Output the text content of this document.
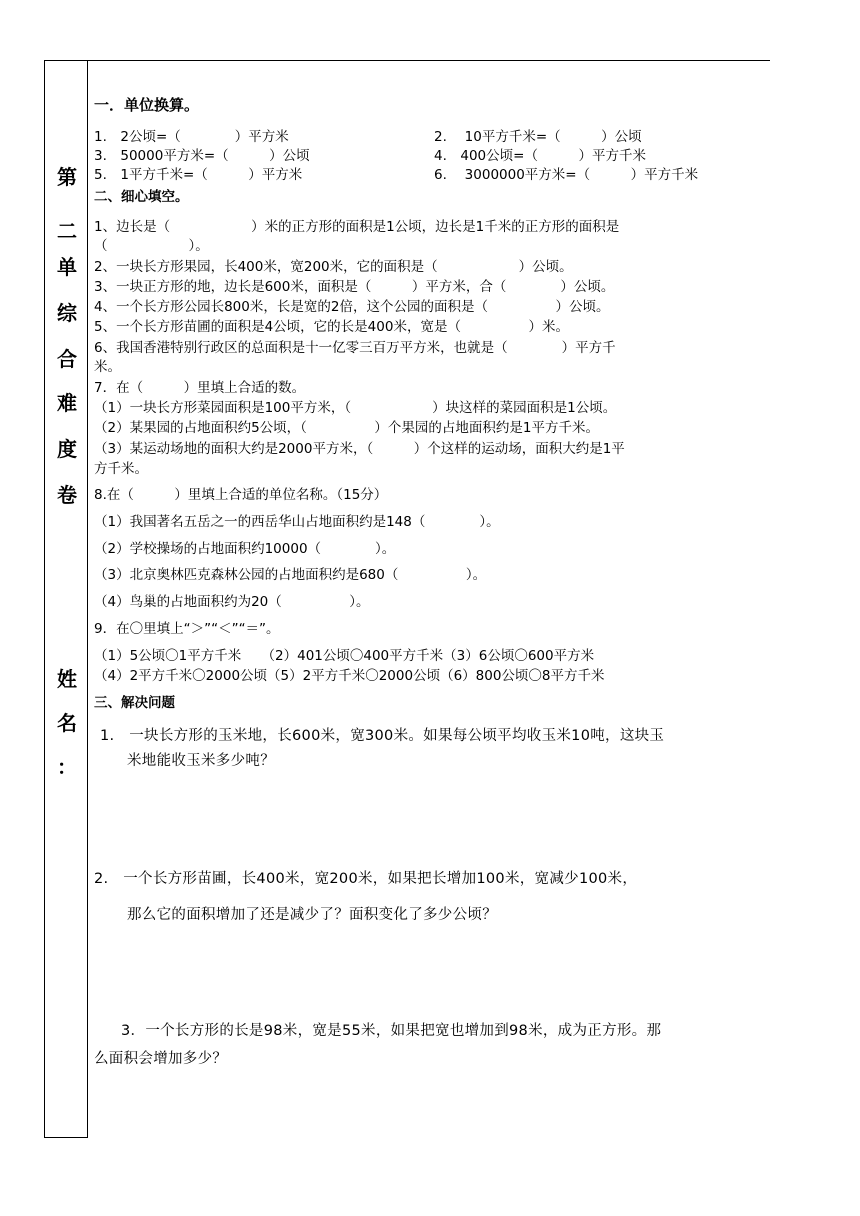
第
二
单
综
合
难
度
卷
姓
名
：
一．单位换算。
1.　2公顷=（　　　　）平方米	2.　 10平方千米=（　　　）公顷
3.　50000平方米=（　　　）公顷	4.　400公顷=（　　　）平方千米
5.　1平方千米=（　　　）平方米	6.　 3000000平方米=（　　　）平方千米
二、细心填空。
1、边长是（　　　　　　）米的正方形的面积是1公顷，边长是1千米的正方形的面积是
（　　　　　　）。
2、一块长方形果园，长400米，宽200米，它的面积是（　　　　　　）公顷。
3、一块正方形的地，边长是600米，面积是（　　　）平方米，合（　　　　）公顷。
4、一个长方形公园长800米，长是宽的2倍，这个公园的面积是（　　　　　）公顷。
5、一个长方形苗圃的面积是4公顷，它的长是400米，宽是（　　　　　）米。
6、我国香港特别行政区的总面积是十一亿零三百万平方米，也就是（　　　　）平方千
米。
7．在（　　　）里填上合适的数。
（1）一块长方形菜园面积是100平方米，（　　　　　　）块这样的菜园面积是1公顷。
（2）某果园的占地面积约5公顷，（　　　　　）个果园的占地面积约是1平方千米。
（3）某运动场地的面积大约是2000平方米，（　　　）个这样的运动场，面积大约是1平
方千米。
8.在（　　　）里填上合适的单位名称。（15分）
（1）我国著名五岳之一的西岳华山占地面积约是148（　　　　）。
（2）学校操场的占地面积约10000（　　　　）。
（3）北京奥林匹克森林公园的占地面积约是680（　　　　　）。
（4）鸟巢的占地面积约为20（　　　　　）。
9．在〇里填上“＞”“＜”“＝”。
（1）5公顷〇1平方千米　　（2）401公顷〇400平方千米（3）6公顷〇600平方米
（4）2平方千米〇2000公顷（5）2平方千米〇2000公顷（6）800公顷〇8平方千米
三、解决问题
1.　一块长方形的玉米地，长600米，宽300米。如果每公顷平均收玉米10吨，这块玉
米地能收玉米多少吨？
2.　一个长方形苗圃，长400米，宽200米，如果把长增加100米，宽减少100米，
那么它的面积增加了还是减少了？面积变化了多少公顷？
3．一个长方形的长是98米，宽是55米，如果把宽也增加到98米，成为正方形。那
么面积会增加多少？
